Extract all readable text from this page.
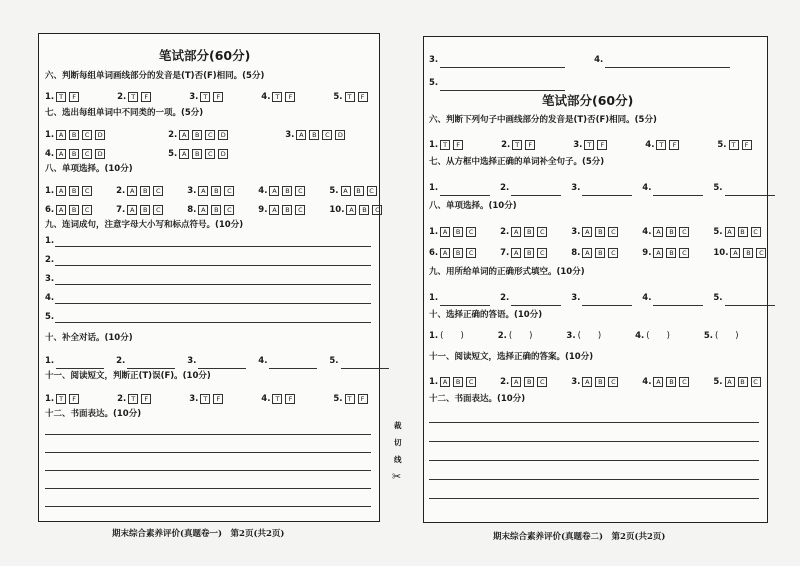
笔试部分(60分)
六、判断每组单词画线部分的发音是(T)否(F)相同。(5分)
1. T F	2. T F	3. T F	4. T F	5. T F
七、选出每组单词中不同类的一项。(5分)
1. A B C D	2. A B C D	3. A B C D
4. A B C D	5. A B C D
八、单项选择。(10分)
1. A B C	2. A B C	3. A B C	4. A B C	5. A B C
6. A B C	7. A B C	8. A B C	9. A B C	10. A B C
九、连词成句，注意字母大小写和标点符号。(10分)
1.
2.
3.
4.
5.
十、补全对话。(10分)
1.	2.	3.	4.	5.
十一、阅读短文，判断正(T)误(F)。(10分)
1. T F	2. T F	3. T F	4. T F	5. T F
十二、书面表达。(10分)
期末综合素养评价(真题卷一)　第2页(共2页)
裁
切
线
✂
3.	4.
5.
笔试部分(60分)
六、判断下列句子中画线部分的发音是(T)否(F)相同。(5分)
1. T F	2. T F	3. T F	4. T F	5. T F
七、从方框中选择正确的单词补全句子。(5分)
1.	2.	3.	4.	5.
八、单项选择。(10分)
1. A B C	2. A B C	3. A B C	4. A B C	5. A B C
6. A B C	7. A B C	8. A B C	9. A B C	10. A B C
九、用所给单词的正确形式填空。(10分)
1.	2.	3.	4.	5.
十、选择正确的答语。(10分)
1. (　　)	2. (　　)	3. (　　)	4. (　　)	5. (　　)
十一、阅读短文，选择正确的答案。(10分)
1. A B C	2. A B C	3. A B C	4. A B C	5. A B C
十二、书面表达。(10分)
期末综合素养评价(真题卷二)　第2页(共2页)
